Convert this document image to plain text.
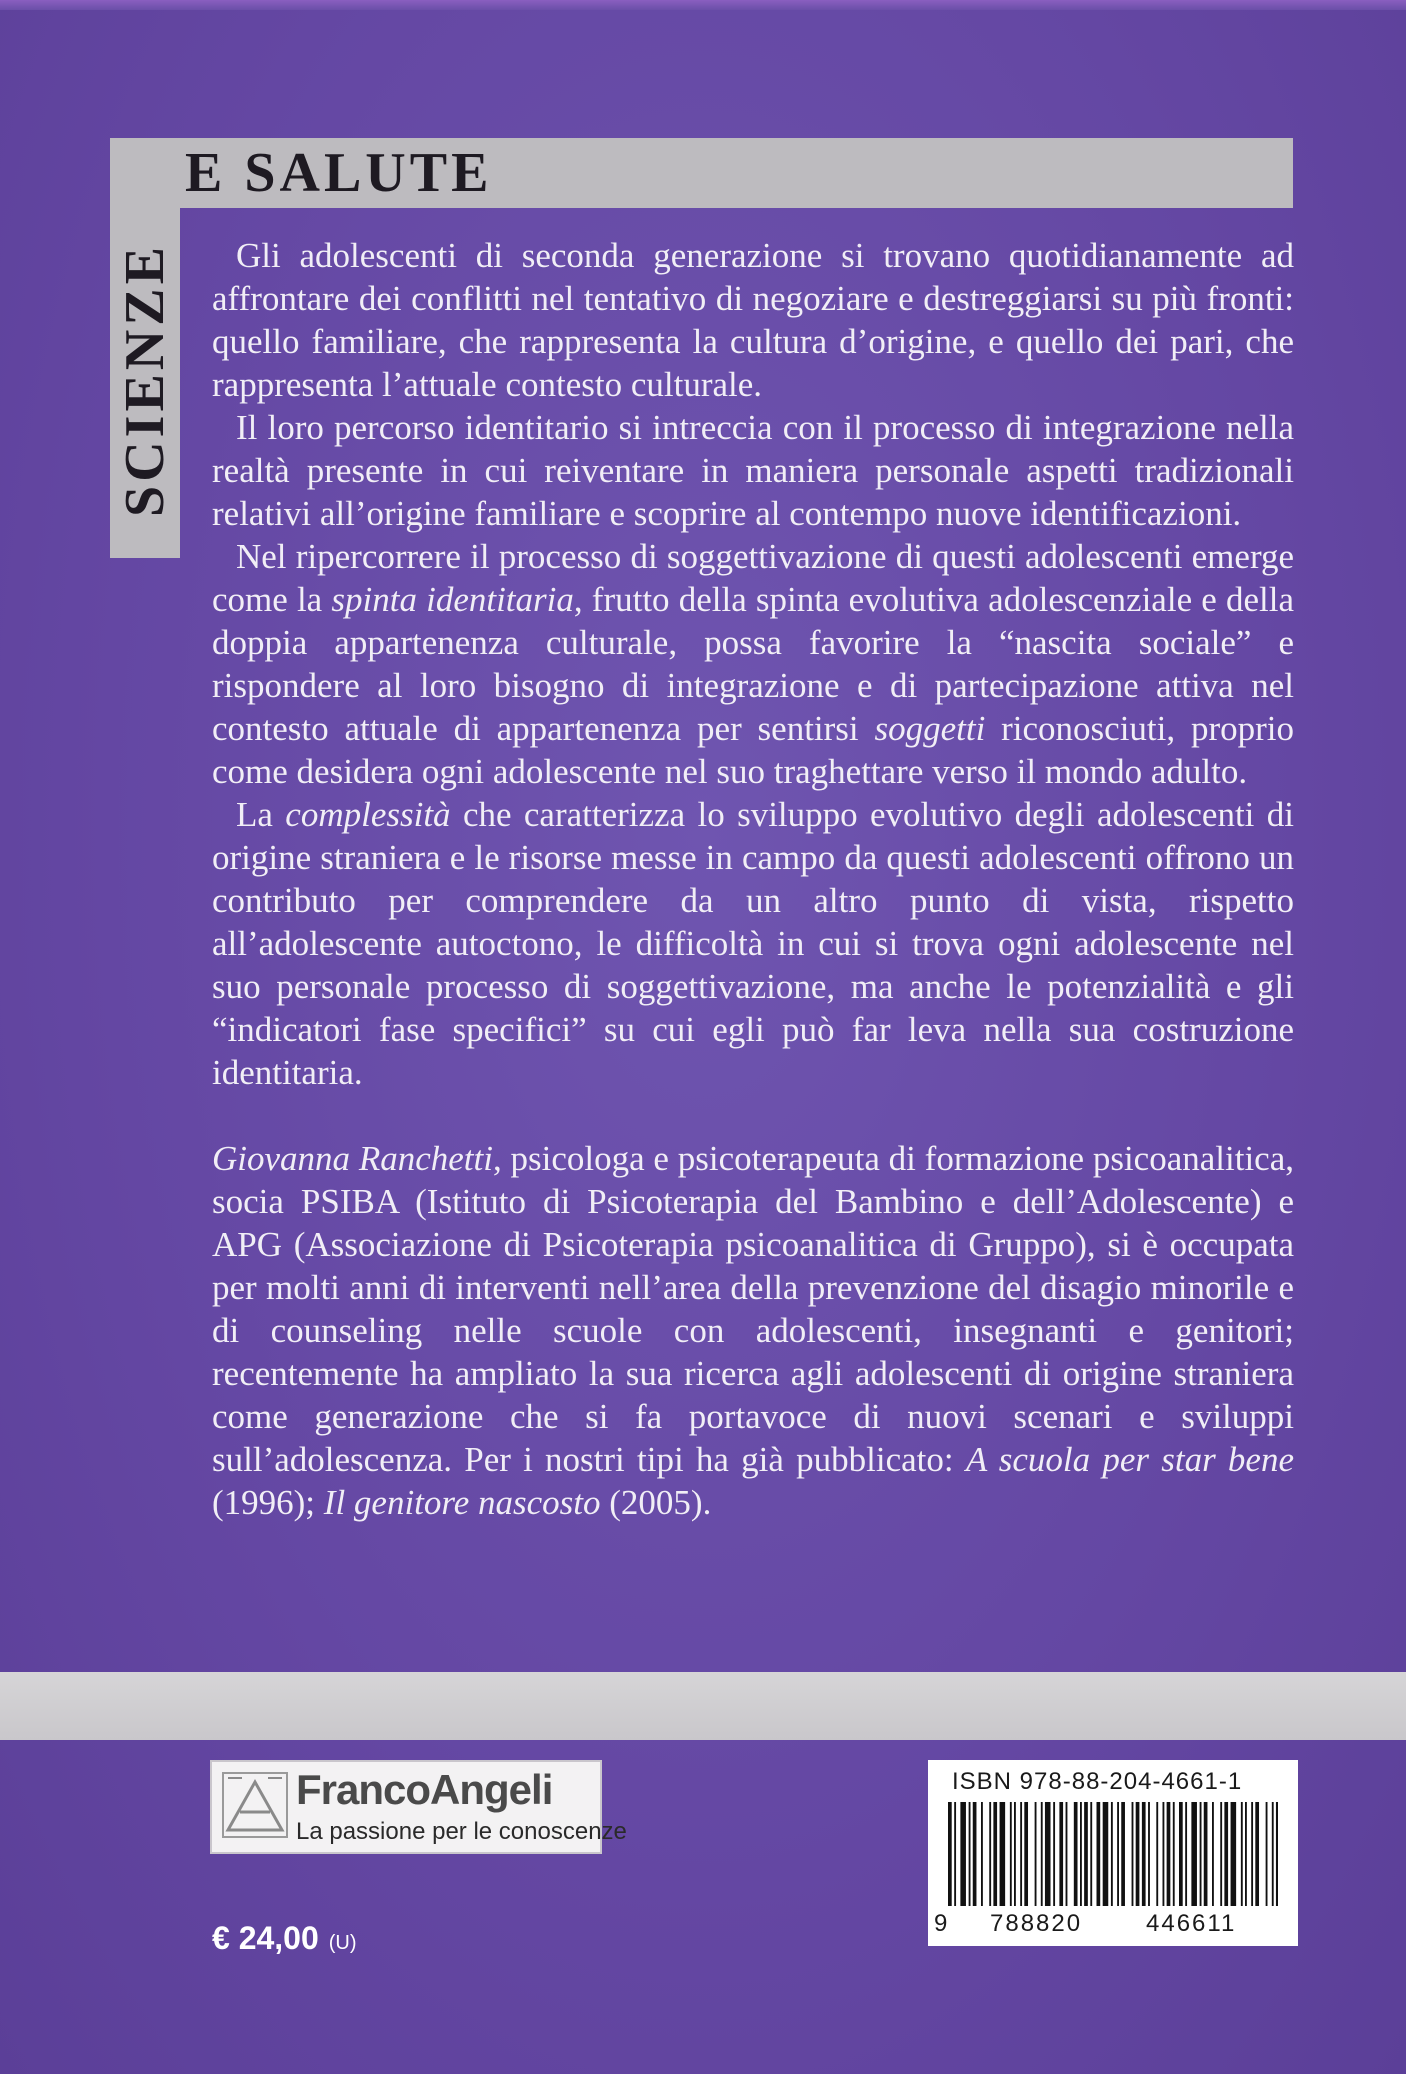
E SALUTE
SCIENZE	Gli adolescenti di seconda generazione si trovano quotidianamente ad affrontare dei conflitti nel tentativo di negoziare e destreggiarsi su più fronti: quello familiare, che rappresenta la cultura d’origine, e quello dei pari, che rappresenta l’attuale contesto culturale.

Il loro percorso identitario si intreccia con il processo di integrazione nella realtà presente in cui reiventare in maniera personale aspetti tradizionali relativi all’origine familiare e scoprire al contempo nuove identificazioni.

Nel ripercorrere il processo di soggettivazione di questi adolescenti emerge come la spinta identitaria, frutto della spinta evolutiva adolescenziale e della doppia appartenenza culturale, possa favorire la “nascita sociale” e rispondere al loro bisogno di integrazione e di partecipazione attiva nel contesto attuale di appartenenza per sentirsi soggetti riconosciuti, proprio come desidera ogni adolescente nel suo traghettare verso il mondo adulto.

La complessità che caratterizza lo sviluppo evolutivo degli adolescenti di origine straniera e le risorse messe in campo da questi adolescenti offrono un contributo per comprendere da un altro punto di vista, rispetto all’adolescente autoctono, le difficoltà in cui si trova ogni adolescente nel suo personale processo di soggettivazione, ma anche le potenzialità e gli “indicatori fase specifici” su cui egli può far leva nella sua costruzione identitaria.

Giovanna Ranchetti, psicologa e psicoterapeuta di formazione psicoanalitica, socia PSIBA (Istituto di Psicoterapia del Bambino e dell’Adolescente) e APG (Associazione di Psicoterapia psicoanalitica di Gruppo), si è occupata per molti anni di interventi nell’area della prevenzione del disagio minorile e di counseling nelle scuole con adolescenti, insegnanti e genitori; recentemente ha ampliato la sua ricerca agli adolescenti di origine straniera come generazione che si fa portavoce di nuovi scenari e sviluppi sull’adolescenza. Per i nostri tipi ha già pubblicato: A scuola per star bene (1996); Il genitore nascosto (2005).

FrancoAngeli
La passione per le conoscenze
€ 24,00 (U)
ISBN 978-88-204-4661-1
9 788820	446611
